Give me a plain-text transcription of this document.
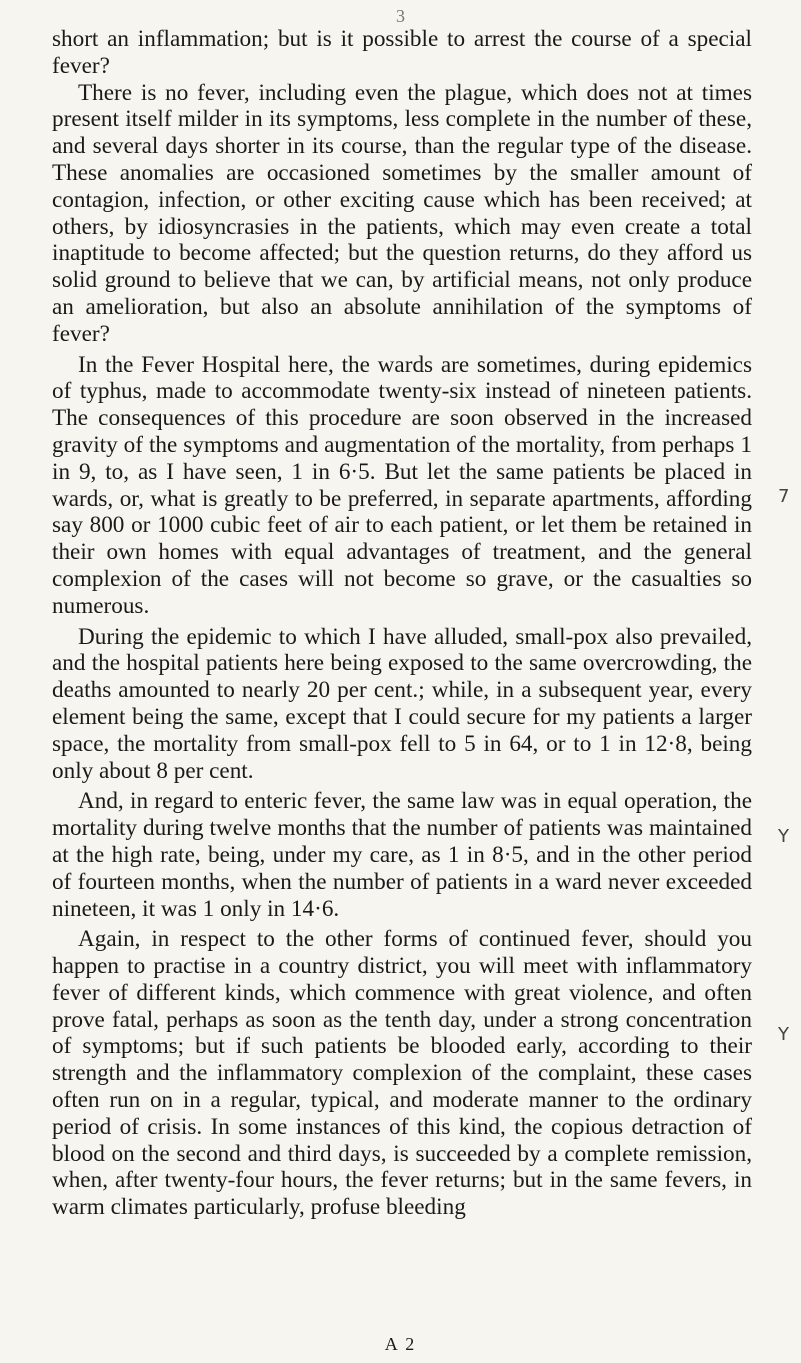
3

short an inflammation; but is it possible to arrest the course of a special fever?

There is no fever, including even the plague, which does not at times present itself milder in its symptoms, less complete in the number of these, and several days shorter in its course, than the regular type of the disease. These anomalies are occasioned sometimes by the smaller amount of contagion, infection, or other exciting cause which has been received; at others, by idiosyncrasies in the patients, which may even create a total inaptitude to become affected; but the question returns, do they afford us solid ground to believe that we can, by artificial means, not only produce an amelioration, but also an absolute annihilation of the symptoms of fever?

In the Fever Hospital here, the wards are sometimes, during epidemics of typhus, made to accommodate twenty-six instead of nineteen patients. The consequences of this procedure are soon observed in the increased gravity of the symptoms and augmentation of the mortality, from perhaps 1 in 9, to, as I have seen, 1 in 6·5. But let the same patients be placed in wards, or, what is greatly to be preferred, in separate apartments, affording say 800 or 1000 cubic feet of air to each patient, or let them be retained in their own homes with equal advantages of treatment, and the general complexion of the cases will not become so grave, or the casualties so numerous.

During the epidemic to which I have alluded, small-pox also prevailed, and the hospital patients here being exposed to the same overcrowding, the deaths amounted to nearly 20 per cent.; while, in a subsequent year, every element being the same, except that I could secure for my patients a larger space, the mortality from small-pox fell to 5 in 64, or to 1 in 12·8, being only about 8 per cent.

And, in regard to enteric fever, the same law was in equal operation, the mortality during twelve months that the number of patients was maintained at the high rate, being, under my care, as 1 in 8·5, and in the other period of fourteen months, when the number of patients in a ward never exceeded nineteen, it was 1 only in 14·6.

Again, in respect to the other forms of continued fever, should you happen to practise in a country district, you will meet with inflammatory fever of different kinds, which commence with great violence, and often prove fatal, perhaps as soon as the tenth day, under a strong concentration of symptoms; but if such patients be blooded early, according to their strength and the inflammatory complexion of the complaint, these cases often run on in a regular, typical, and moderate manner to the ordinary period of crisis. In some instances of this kind, the copious detraction of blood on the second and third days, is succeeded by a complete remission, when, after twenty-four hours, the fever returns; but in the same fevers, in warm climates particularly, profuse bleeding

7
Y
Y
A 2
